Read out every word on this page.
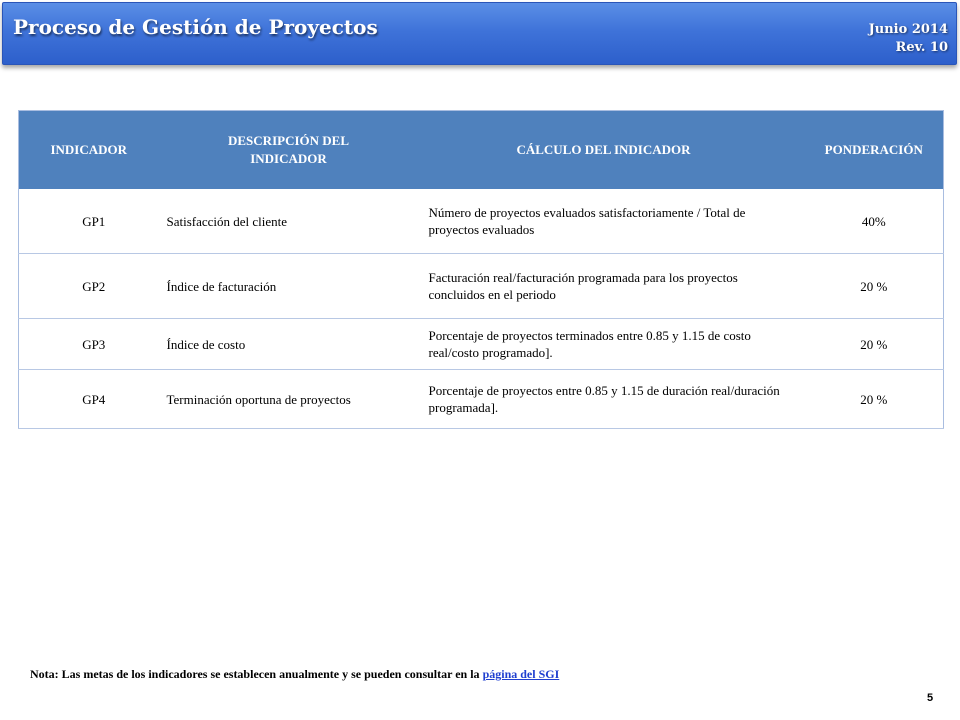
Proceso de Gestión de Proyectos	Junio 2014
Rev. 10
INDICADOR	DESCRIPCIÓN DEL INDICADOR	CÁLCULO DEL INDICADOR	PONDERACIÓN
GP1	Satisfacción del cliente	Número de proyectos evaluados satisfactoriamente / Total de proyectos evaluados	40%
GP2	Índice de facturación	Facturación real/facturación programada para los proyectos concluidos en el periodo	20 %
GP3	Índice de costo	Porcentaje de proyectos terminados entre 0.85 y 1.15 de costo real/costo programado].	20 %
GP4	Terminación oportuna de proyectos	Porcentaje de proyectos entre 0.85 y 1.15 de duración real/duración programada].	20 %
Nota: Las metas de los indicadores se establecen anualmente y se pueden consultar en la página del SGI
5
